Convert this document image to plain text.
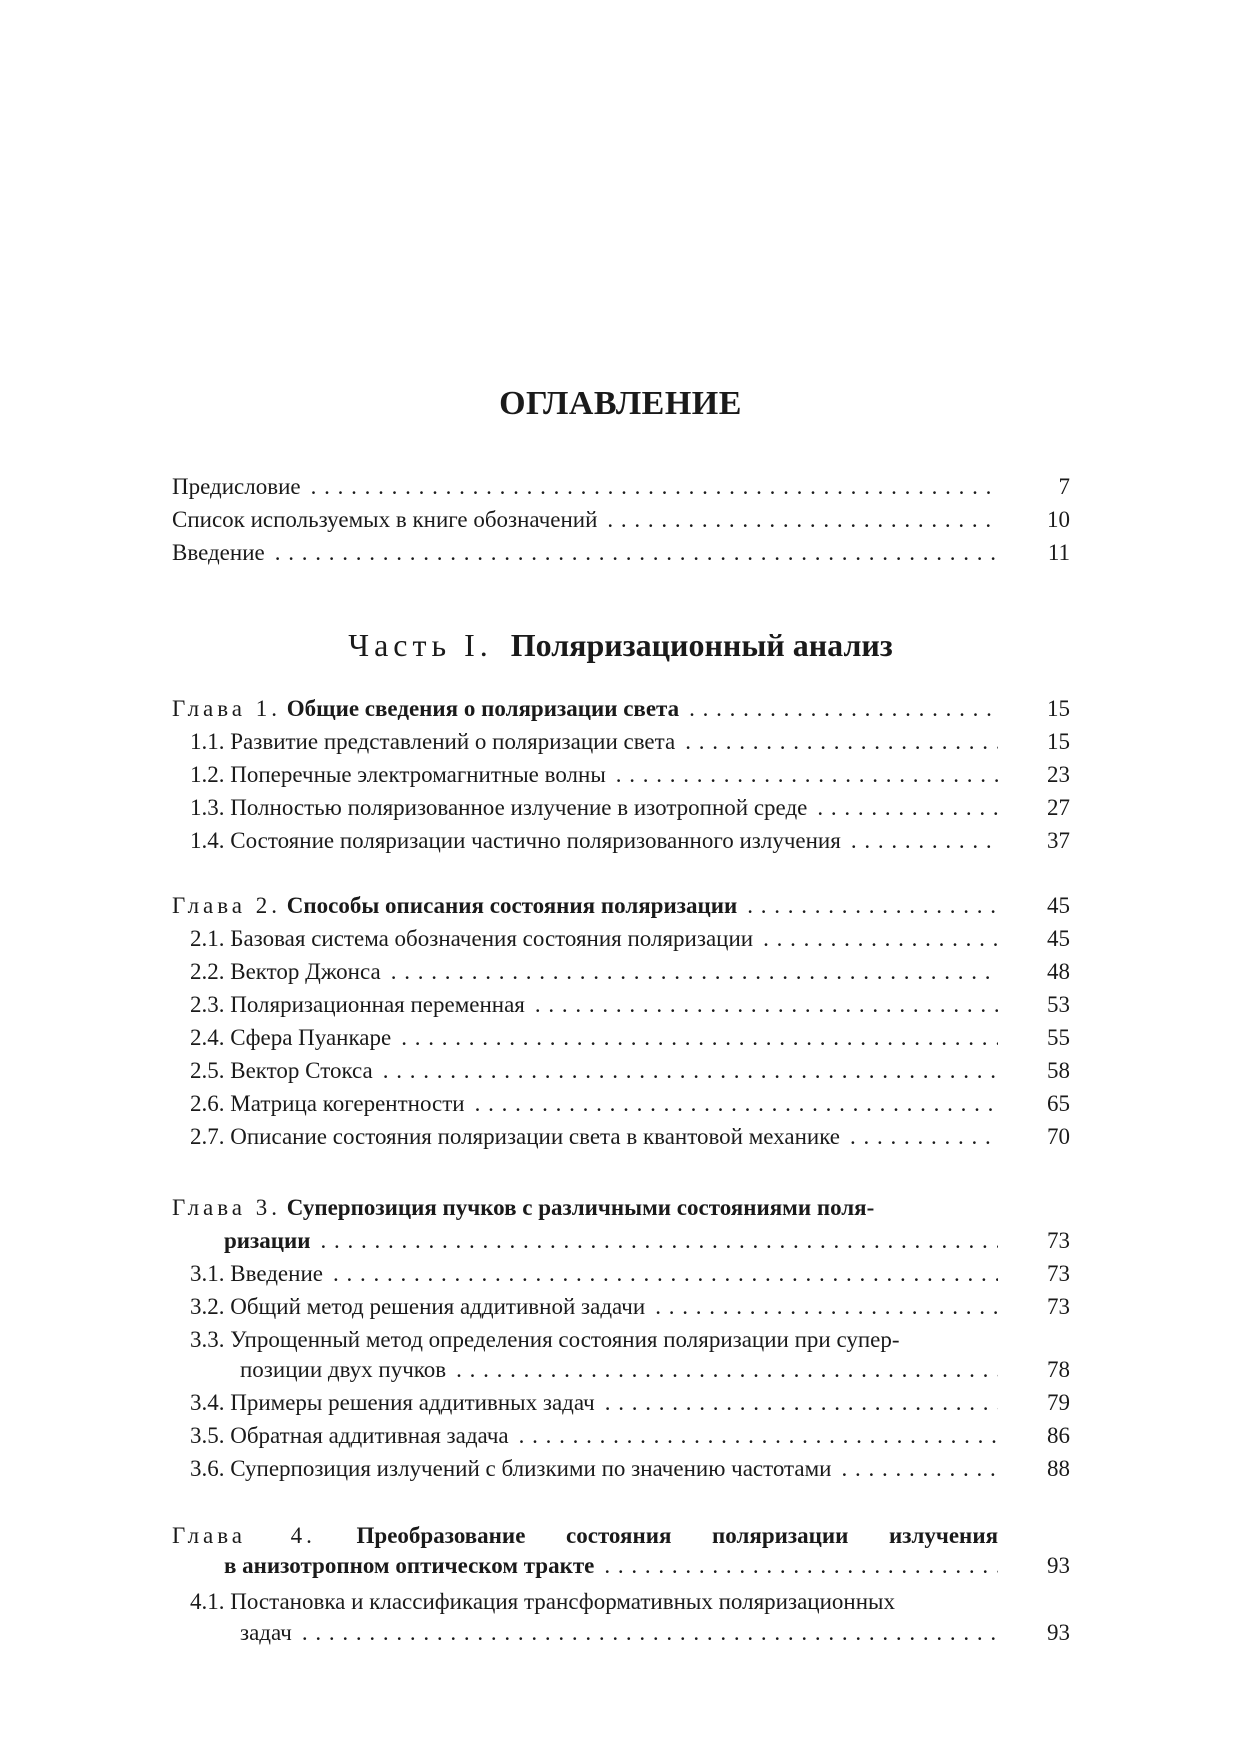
ОГЛАВЛЕНИЕ
Предисловие . . .	7
Список используемых в книге обозначений . . .	10
Введение . . .	11
Часть I. Поляризационный анализ
Глава 1. Общие сведения о поляризации света . . .	15
1.1. Развитие представлений о поляризации света . . .	15
1.2. Поперечные электромагнитные волны . . .	23
1.3. Полностью поляризованное излучение в изотропной среде . . .	27
1.4. Состояние поляризации частично поляризованного излучения . . .	37
Глава 2. Способы описания состояния поляризации . . .	45
2.1. Базовая система обозначения состояния поляризации . . .	45
2.2. Вектор Джонса . . .	48
2.3. Поляризационная переменная . . .	53
2.4. Сфера Пуанкаре . . .	55
2.5. Вектор Стокса . . .	58
2.6. Матрица когерентности . . .	65
2.7. Описание состояния поляризации света в квантовой механике . . .	70
Глава 3. Суперпозиция пучков с различными состояниями поля-
ризации . . .	73
3.1. Введение . . .	73
3.2. Общий метод решения аддитивной задачи . . .	73
3.3. Упрощенный метод определения состояния поляризации при супер-
позиции двух пучков . . .	78
3.4. Примеры решения аддитивных задач . . .	79
3.5. Обратная аддитивная задача . . .	86
3.6. Суперпозиция излучений с близкими по значению частотами . . .	88
Глава 4. Преобразование состояния поляризации излучения
в анизотропном оптическом тракте . . .	93
4.1. Постановка и классификация трансформативных поляризационных
задач . . .	93
